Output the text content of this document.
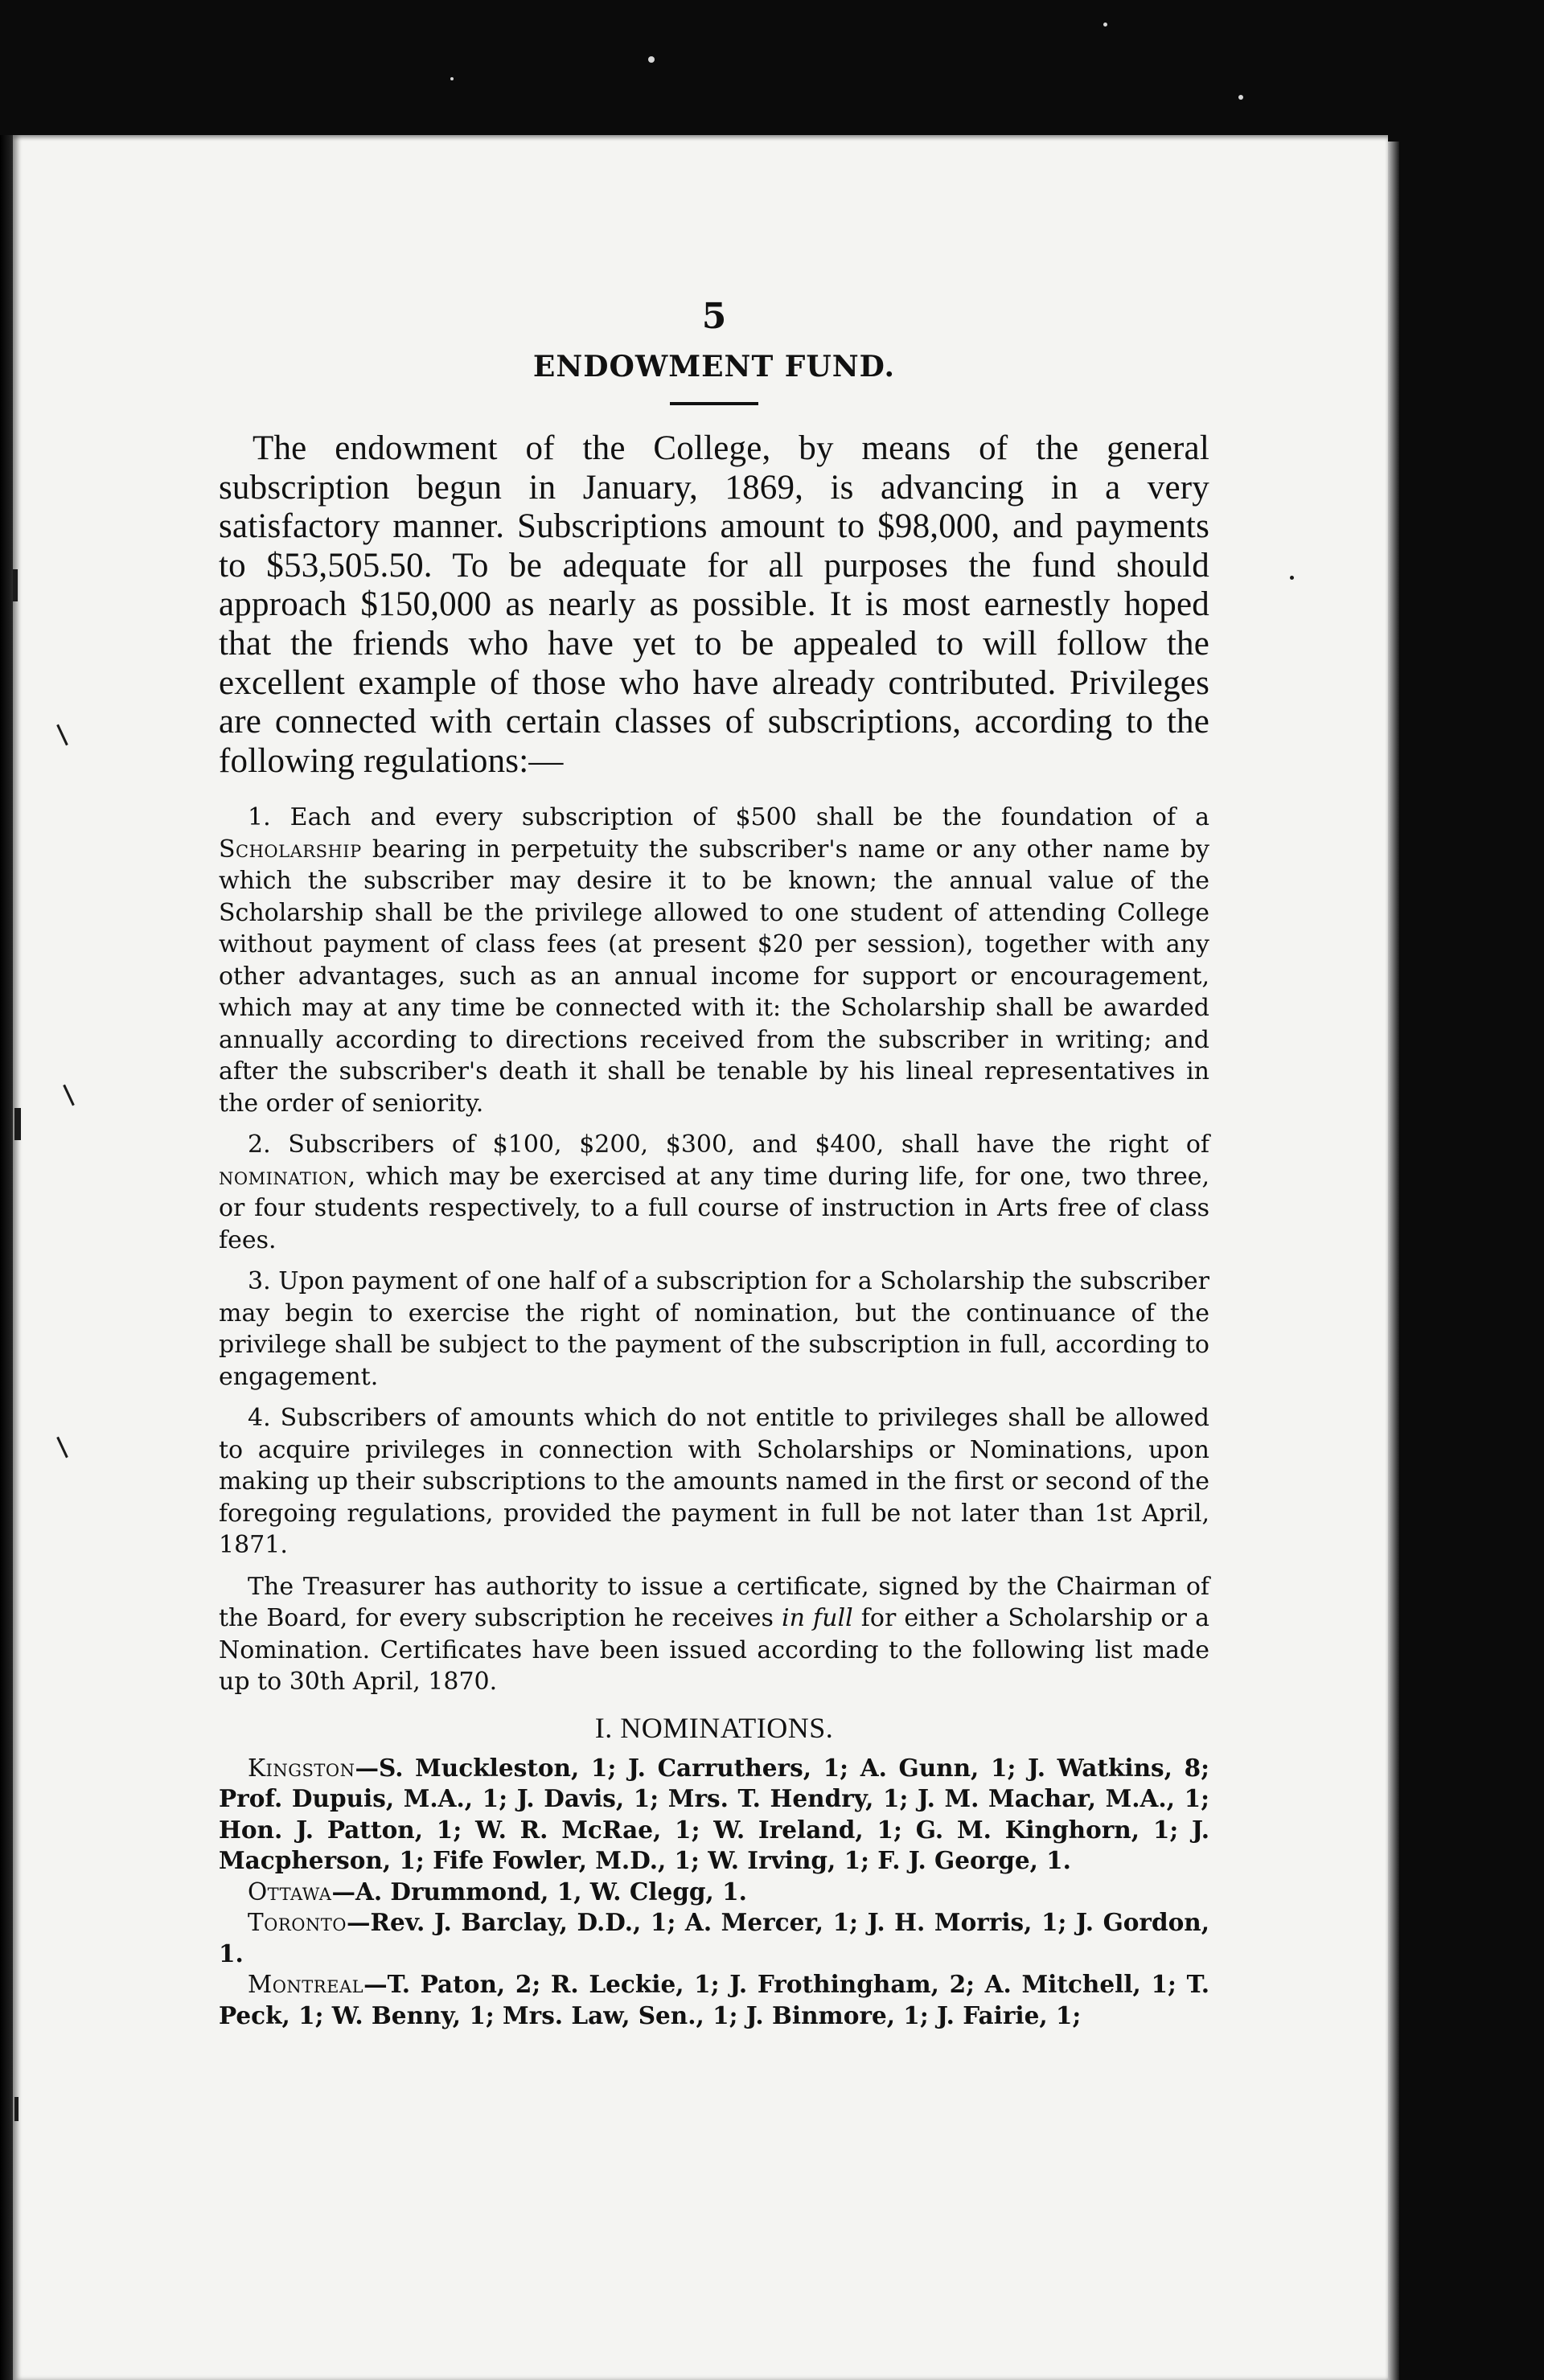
5
ENDOWMENT FUND.

The endowment of the College, by means of the general subscription begun in January, 1869, is advancing in a very satisfactory manner. Subscriptions amount to $98,000, and payments to $53,505.50. To be adequate for all purposes the fund should approach $150,000 as nearly as possible. It is most earnestly hoped that the friends who have yet to be appealed to will follow the excellent example of those who have already contributed. Privileges are connected with certain classes of subscriptions, according to the following regulations:—

1. Each and every subscription of $500 shall be the foundation of a Scholarship bearing in perpetuity the subscriber's name or any other name by which the subscriber may desire it to be known; the annual value of the Scholarship shall be the privilege allowed to one student of attending College without payment of class fees (at present $20 per session), together with any other advantages, such as an annual income for support or encouragement, which may at any time be connected with it: the Scholarship shall be awarded annually according to directions received from the subscriber in writing; and after the subscriber's death it shall be tenable by his lineal representatives in the order of seniority.

2. Subscribers of $100, $200, $300, and $400, shall have the right of nomination, which may be exercised at any time during life, for one, two three, or four students respectively, to a full course of instruction in Arts free of class fees.

3. Upon payment of one half of a subscription for a Scholarship the subscriber may begin to exercise the right of nomination, but the continuance of the privilege shall be subject to the payment of the subscription in full, according to engagement.

4. Subscribers of amounts which do not entitle to privileges shall be allowed to acquire privileges in connection with Scholarships or Nominations, upon making up their subscriptions to the amounts named in the first or second of the foregoing regulations, provided the payment in full be not later than 1st April, 1871.

The Treasurer has authority to issue a certificate, signed by the Chairman of the Board, for every subscription he receives in full for either a Scholarship or a Nomination. Certificates have been issued according to the following list made up to 30th April, 1870.

I. NOMINATIONS.

Kingston—S. Muckleston, 1; J. Carruthers, 1; A. Gunn, 1; J. Watkins, 8; Prof. Dupuis, M.A., 1; J. Davis, 1; Mrs. T. Hendry, 1; J. M. Machar, M.A., 1; Hon. J. Patton, 1; W. R. McRae, 1; W. Ireland, 1; G. M. Kinghorn, 1; J. Macpherson, 1; Fife Fowler, M.D., 1; W. Irving, 1; F. J. George, 1.

Ottawa—A. Drummond, 1, W. Clegg, 1.

Toronto—Rev. J. Barclay, D.D., 1; A. Mercer, 1; J. H. Morris, 1; J. Gordon, 1.

Montreal—T. Paton, 2; R. Leckie, 1; J. Frothingham, 2; A. Mitchell, 1; T. Peck, 1; W. Benny, 1; Mrs. Law, Sen., 1; J. Binmore, 1; J. Fairie, 1;
